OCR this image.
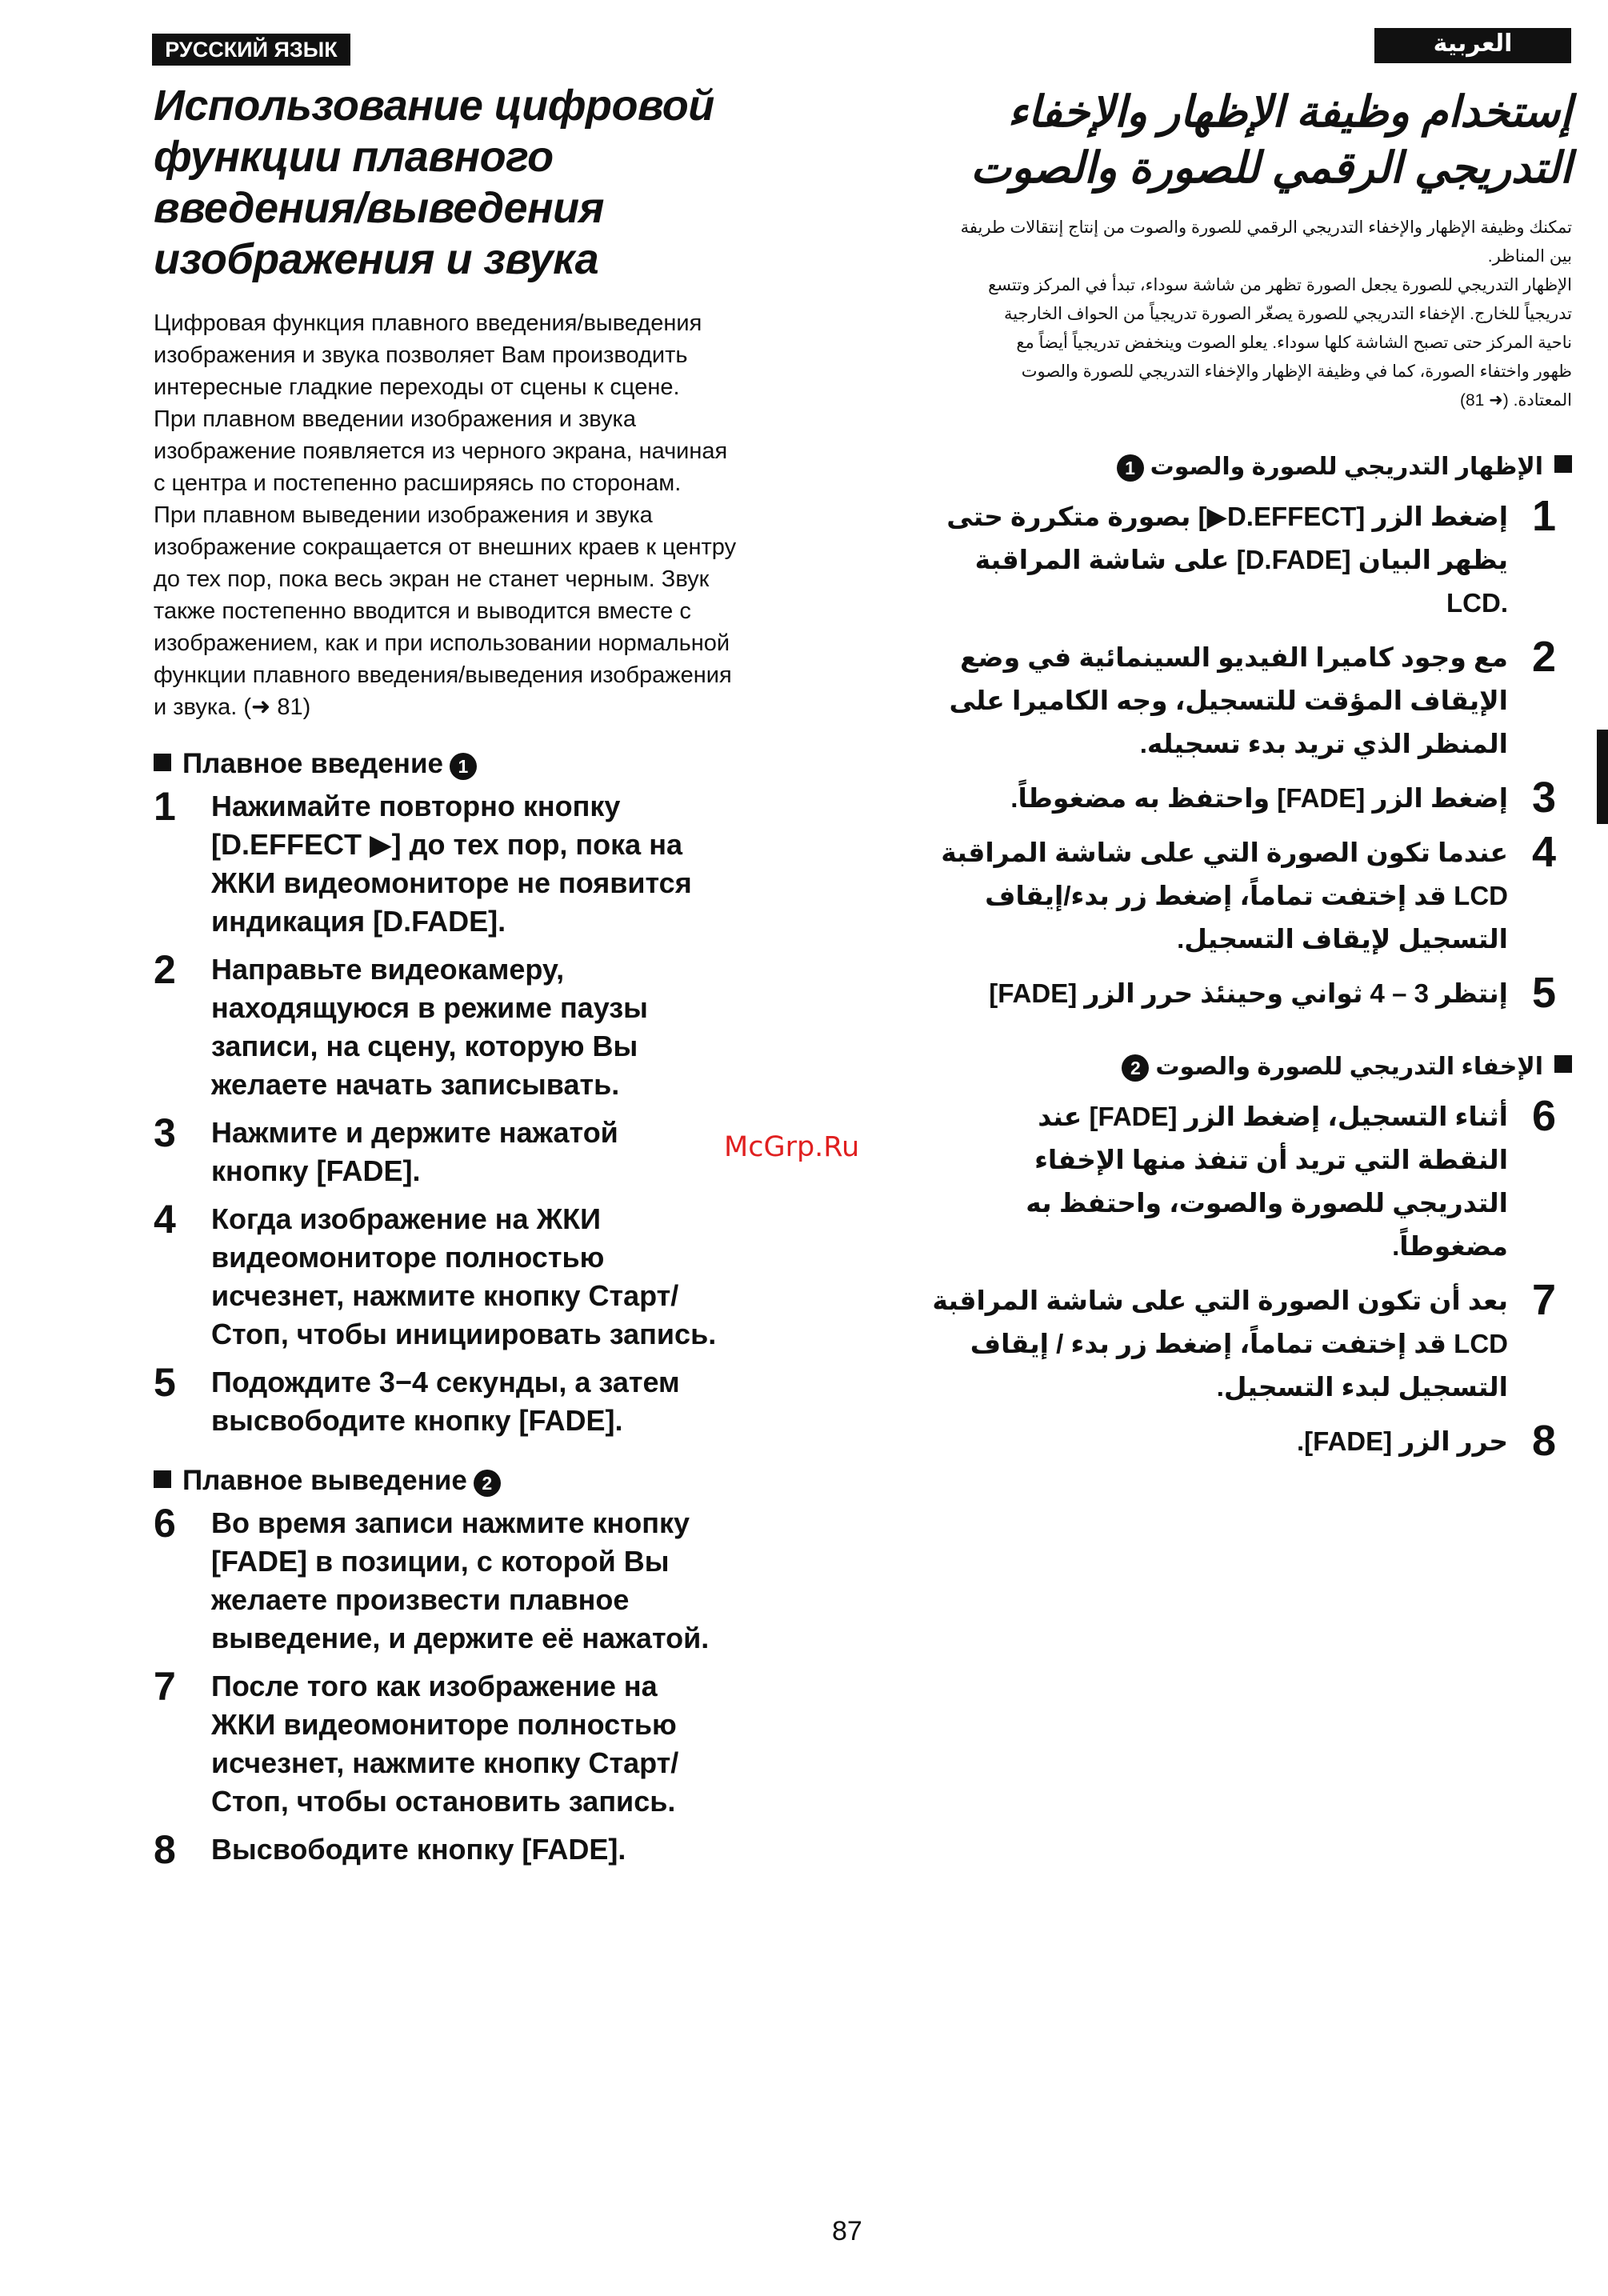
РУССКИЙ ЯЗЫК	العربية
Использование цифровой
функции плавного
введения/выведения
изображения и звука

Цифровая функция плавного введения/выведения
изображения и звука позволяет Вам производить
интересные гладкие переходы от сцены к сцене.
При плавном введении изображения и звука
изображение появляется из черного экрана, начиная
с центра и постепенно расширяясь по сторонам.
При плавном выведении изображения и звука
изображение сокращается от внешних краев к центру
до тех пор, пока весь экран не станет черным. Звук
также постепенно вводится и выводится вместе с
изображением, как и при использовании нормальной
функции плавного введения/выведения изображения
и звука. (➜ 81)

Плавное введение 1
1	Нажимайте повторно кнопку
[D.EFFECT ▶] до тех пор, пока на
ЖКИ видеомониторе не появится
индикация [D.FADE].
2	Направьте видеокамеру,
находящуюся в режиме паузы
записи, на сцену, которую Вы
желаете начать записывать.
3	Нажмите и держите нажатой
кнопку [FADE].
4	Когда изображение на ЖКИ
видеомониторе полностью
исчезнет, нажмите кнопку Старт/
Стоп, чтобы инициировать запись.
5	Подождите 3−4 секунды, а затем
высвободите кнопку [FADE].
Плавное выведение 2
6	Во время записи нажмите кнопку
[FADE] в позиции, с которой Вы
желаете произвести плавное
выведение, и держите её нажатой.
7	После того как изображение на
ЖКИ видеомониторе полностью
исчезнет, нажмите кнопку Старт/
Стоп, чтобы остановить запись.
8	Высвободите кнопку [FADE].
إستخدام وظيفة الإظهار والإخفاء
التدريجي الرقمي للصورة والصوت

تمكنك وظيفة الإظهار والإخفاء التدريجي الرقمي للصورة والصوت من إنتاج إنتقالات طريفة
بين المناظر.
الإظهار التدريجي للصورة يجعل الصورة تظهر من شاشة سوداء، تبدأ في المركز وتتسع
تدريجياً للخارج. الإخفاء التدريجي للصورة يصغّر الصورة تدريجياً من الحواف الخارجية
ناحية المركز حتى تصبح الشاشة كلها سوداء. يعلو الصوت وينخفض تدريجياً أيضاً مع
ظهور واختفاء الصورة، كما في وظيفة الإظهار والإخفاء التدريجي للصورة والصوت
المعتادة. (➜ 81)

الإظهار التدريجي للصورة والصوت1
1
إضغط الزر [D.EFFECT▶] بصورة متكررة حتى
يظهر البيان [D.FADE] على شاشة المراقبة
.LCD
2
مع وجود كاميرا الفيديو السينمائية في وضع
الإيقاف المؤقت للتسجيل، وجه الكاميرا على
المنظر الذي تريد بدء تسجيله.
3
إضغط الزر [FADE] واحتفظ به مضغوطاً.
4
عندما تكون الصورة التي على شاشة المراقبة
LCD قد إختفت تماماً، إضغط زر بدء/إيقاف
التسجيل لإيقاف التسجيل.
5
إنتظر 3 – 4 ثواني وحينئذ حرر الزر [FADE]
الإخفاء التدريجي للصورة والصوت2
6
أثناء التسجيل، إضغط الزر [FADE] عند
النقطة التي تريد أن تنفذ منها الإخفاء
التدريجي للصورة والصوت، واحتفظ به
مضغوطاً.
7
بعد أن تكون الصورة التي على شاشة المراقبة
LCD قد إختفت تماماً، إضغط زر بدء / إيقاف
التسجيل لبدء التسجيل.
8
حرر الزر [FADE].
McGrp.Ru
87
